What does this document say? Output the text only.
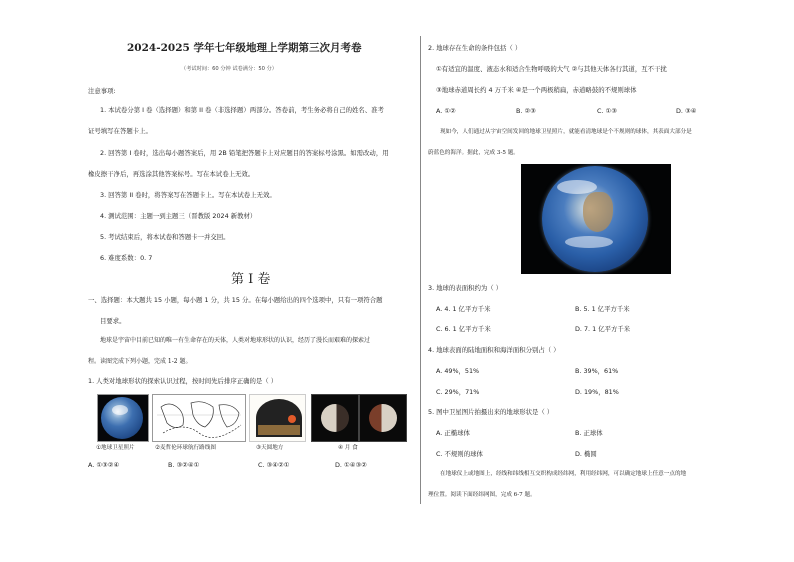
2024-2025 学年七年级地理上学期第三次月考卷
（考试时间：60 分钟 试卷满分：50 分）
注意事项:
1. 本试卷分第 I 卷（选择题）和第 II 卷（非选择题）两部分。答卷前，考生务必将自己的姓名、准考
证号填写在答题卡上。
2. 回答第 I 卷时，选出每小题答案后，用 2B 铅笔把答题卡上对应题目的答案标号涂黑。如需改动，用
橡皮擦干净后，再选涂其他答案标号。写在本试卷上无效。
3. 回答第 II 卷时，将答案写在答题卡上。写在本试卷上无效。
4. 测试范围：主题一到主题三（晋教版 2024 新教材）
5. 考试结束后，将本试卷和答题卡一并交回。
6. 难度系数：0. 7
第 I 卷
一、选择题：本大题共 15 小题，每小题 1 分，共 15 分。在每小题给出的四个选项中，只有一项符合题
目要求。
地球是宇宙中目前已知的唯一有生命存在的天体，人类对地球形状的认识，经历了漫长而艰难的探索过
程。读图完成下列小题，完成 1-2 题。
1. 人类对地球形状的探索认识过程，按时间先后排序正确的是（ ）
①地球卫星照片	②麦哲伦环球航行路线图	③天圆地方	④ 月 食
A. ①③②④	B. ③②④①	C. ③④②①	D. ①④③②
2. 地球存在生命的条件包括（ ）
①有适宜的温度、液态水和适合生物呼吸的大气 ②与其他天体各行其道，互不干扰
③地球赤道周长约 4 万千米 ④是一个两极稍扁，赤道略鼓的不规则球体
A. ①②	B. ②③	C. ①③	D. ③④
现如今，人们通过从宇宙空间发回的地球卫星照片，就能看清地球是个不规则的球体，其表面大部分是
蔚蓝色的海洋。据此，完成 3-5 题。
3. 地球的表面积约为（ ）
A. 4. 1 亿平方千米	B. 5. 1 亿平方千米
C. 6. 1 亿平方千米	D. 7. 1 亿平方千米
4. 地球表面的陆地面积和海洋面积分别占（ ）
A. 49%，51%	B. 39%，61%
C. 29%，71%	D. 19%，81%
5. 图中卫星图片拍摄出来的地球形状是（ ）
A. 正椭球体	B. 正球体
C. 不规则的球体	D. 椭圆
在地球仪上或地图上，经线和纬线相互交织构成经纬网，利用经纬网，可以确定地球上任意一点的地
理位置。阅读下面经纬网图，完成 6-7 题。
